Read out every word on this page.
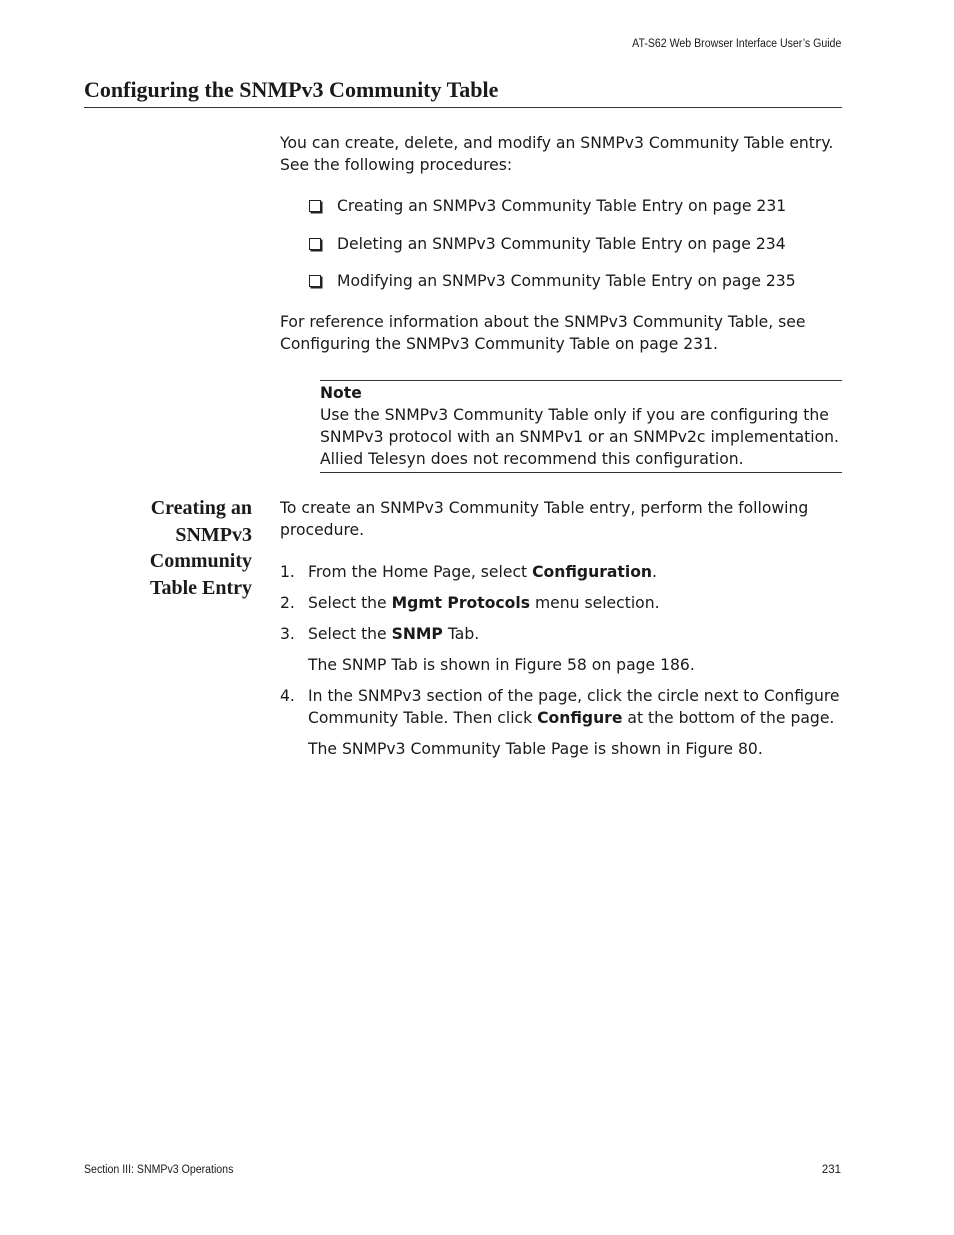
AT-S62 Web Browser Interface User’s Guide
Configuring the SNMPv3 Community Table
You can create, delete, and modify an SNMPv3 Community Table entry. See the following procedures:
Creating an SNMPv3 Community Table Entry on page 231
Deleting an SNMPv3 Community Table Entry on page 234
Modifying an SNMPv3 Community Table Entry on page 235
For reference information about the SNMPv3 Community Table, see Configuring the SNMPv3 Community Table on page 231.
Note
Use the SNMPv3 Community Table only if you are configuring the SNMPv3 protocol with an SNMPv1 or an SNMPv2c implementation. Allied Telesyn does not recommend this configuration.
Creating an
SNMPv3
Community
Table Entry
To create an SNMPv3 Community Table entry, perform the following procedure.
1. From the Home Page, select Configuration.
2. Select the Mgmt Protocols menu selection.
3. Select the SNMP Tab.
The SNMP Tab is shown in Figure 58 on page 186.
4. In the SNMPv3 section of the page, click the circle next to Configure Community Table. Then click Configure at the bottom of the page.
The SNMPv3 Community Table Page is shown in Figure 80.
Section III: SNMPv3 Operations	231
